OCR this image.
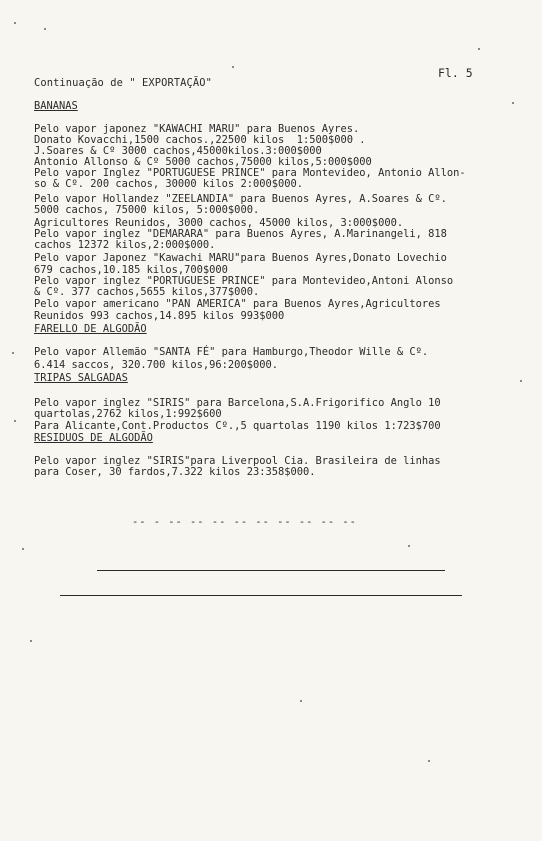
Fl. 5
Continuação de " EXPORTAÇÃO"
BANANAS
Pelo vapor japonez "KAWACHI MARU" para Buenos Ayres.
Donato Kovacchi,1500 cachos.,22500 kilos  1:500$000 .
J.Soares & Cº 3000 cachos,45000kilos.3:000$000
Antonio Allonso & Cº 5000 cachos,75000 kilos,5:000$000
Pelo vapor Inglez "PORTUGUESE PRINCE" para Montevideo, Antonio Allon-
so & Cº. 200 cachos, 30000 kilos 2:000$000.
Pelo vapor Hollandez "ZEELANDIA" para Buenos Ayres, A.Soares & Cº.
5000 cachos, 75000 kilos, 5:000$000.
Agricultores Reunidos, 3000 cachos, 45000 kilos, 3:000$000.
Pelo vapor inglez "DEMARARA" para Buenos Ayres, A.Marinangeli, 818
cachos 12372 kilos,2:000$000.
Pelo vapor Japonez "Kawachi MARU"para Buenos Ayres,Donato Lovechio
679 cachos,10.185 kilos,700$000
Pelo vapor inglez "PORTUGUESE PRINCE" para Montevideo,Antoni Alonso
& Cº. 377 cachos,5655 kilos,377$000.
Pelo vapor americano "PAN AMERICA" para Buenos Ayres,Agricultores
Reunidos 993 cachos,14.895 kilos 993$000
FARELLO DE ALGODÃO
Pelo vapor Allemão "SANTA FÉ" para Hamburgo,Theodor Wille & Cº.
6.414 saccos, 320.700 kilos,96:200$000.
TRIPAS SALGADAS
Pelo vapor inglez "SIRIS" para Barcelona,S.A.Frigorifico Anglo 10
quartolas,2762 kilos,1:992$600
Para Alicante,Cont.Productos Cº.,5 quartolas 1190 kilos 1:723$700
RESIDUOS DE ALGODÃO
Pelo vapor inglez "SIRIS"para Liverpool Cia. Brasileira de linhas
para Coser, 30 fardos,7.322 kilos 23:358$000.
-- - -- -- -- -- -- -- -- -- --
